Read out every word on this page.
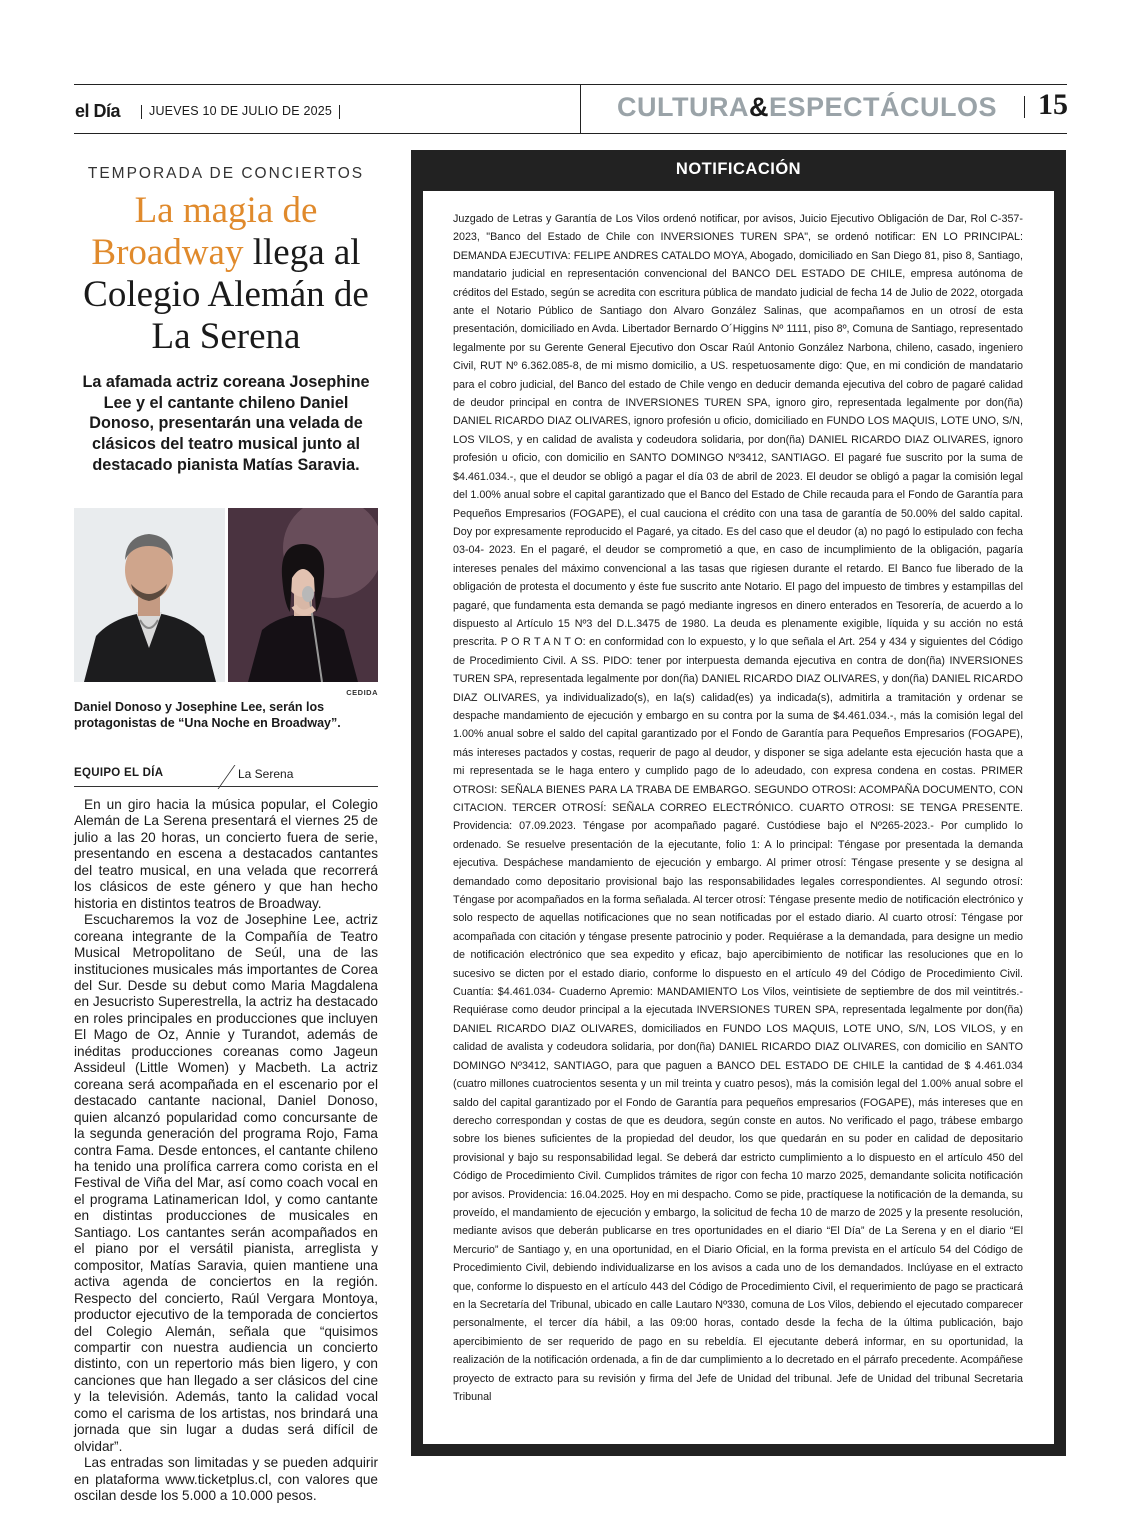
el Día	JUEVES 10 DE JULIO DE 2025	CULTURA&ESPECTÁCULOS 15
TEMPORADA DE CONCIERTOS
La magia de Broadway llega al Colegio Alemán de La Serena
La afamada actriz coreana Josephine Lee y el cantante chileno Daniel Donoso, presentarán una velada de clásicos del teatro musical junto al destacado pianista Matías Saravia.
CEDIDA
Daniel Donoso y Josephine Lee, serán los protagonistas de “Una Noche en Broadway”.
EQUIPO EL DÍA	La Serena

En un giro hacia la música popular, el Colegio Alemán de La Serena presentará el viernes 25 de julio a las 20 horas, un concierto fuera de serie, presentando en escena a destacados cantantes del teatro musical, en una velada que recorrerá los clásicos de este género y que han hecho historia en distintos teatros de Broadway.

Escucharemos la voz de Josephine Lee, actriz coreana integrante de la Compañía de Teatro Musical Metropolitano de Seúl, una de las instituciones musicales más importantes de Corea del Sur. Desde su debut como Maria Magdalena en Jesucristo Superestrella, la actriz ha destacado en roles principales en producciones que incluyen El Mago de Oz, Annie y Turandot, además de inéditas producciones coreanas como Jageun Assideul (Little Women) y Macbeth. La actriz coreana será acompañada en el escenario por el destacado cantante nacional, Daniel Donoso, quien alcanzó popularidad como concursante de la segunda generación del programa Rojo, Fama contra Fama. Desde entonces, el cantante chileno ha tenido una prolífica carrera como corista en el Festival de Viña del Mar, así como coach vocal en el programa Latinamerican Idol, y como cantante en distintas producciones de musicales en Santiago. Los cantantes serán acompañados en el piano por el versátil pianista, arreglista y compositor, Matías Saravia, quien mantiene una activa agenda de conciertos en la región. Respecto del concierto, Raúl Vergara Montoya, productor ejecutivo de la temporada de conciertos del Colegio Alemán, señala que “quisimos compartir con nuestra audiencia un concierto distinto, con un repertorio más bien ligero, y con canciones que han llegado a ser clásicos del cine y la televisión. Además, tanto la calidad vocal como el carisma de los artistas, nos brindará una jornada que sin lugar a dudas será difícil de olvidar”.

Las entradas son limitadas y se pueden adquirir en plataforma www.ticketplus.cl, con valores que oscilan desde los 5.000 a 10.000 pesos.

NOTIFICACIÓN
Juzgado de Letras y Garantía de Los Vilos ordenó notificar, por avisos, Juicio Ejecutivo Obligación de Dar, Rol C-357-2023, "Banco del Estado de Chile con INVERSIONES TUREN SPA", se ordenó notificar: EN LO PRINCIPAL: DEMANDA EJECUTIVA: FELIPE ANDRES CATALDO MOYA, Abogado, domiciliado en San Diego 81, piso 8, Santiago, mandatario judicial en representación convencional del BANCO DEL ESTADO DE CHILE, empresa autónoma de créditos del Estado, según se acredita con escritura pública de mandato judicial de fecha 14 de Julio de 2022, otorgada ante el Notario Público de Santiago don Alvaro González Salinas, que acompañamos en un otrosí de esta presentación, domiciliado en Avda. Libertador Bernardo O´Higgins Nº 1111, piso 8º, Comuna de Santiago, representado legalmente por su Gerente General Ejecutivo don Oscar Raúl Antonio González Narbona, chileno, casado, ingeniero Civil, RUT Nº 6.362.085-8, de mi mismo domicilio, a US. respetuosamente digo: Que, en mi condición de mandatario para el cobro judicial, del Banco del estado de Chile vengo en deducir demanda ejecutiva del cobro de pagaré calidad de deudor principal en contra de INVERSIONES TUREN SPA, ignoro giro, representada legalmente por don(ña) DANIEL RICARDO DIAZ OLIVARES, ignoro profesión u oficio, domiciliado en FUNDO LOS MAQUIS, LOTE UNO, S/N, LOS VILOS, y en calidad de avalista y codeudora solidaria, por don(ña) DANIEL RICARDO DIAZ OLIVARES, ignoro profesión u oficio, con domicilio en SANTO DOMINGO Nº3412, SANTIAGO. El pagaré fue suscrito por la suma de $4.461.034.-, que el deudor se obligó a pagar el día 03 de abril de 2023. El deudor se obligó a pagar la comisión legal del 1.00% anual sobre el capital garantizado que el Banco del Estado de Chile recauda para el Fondo de Garantía para Pequeños Empresarios (FOGAPE), el cual cauciona el crédito con una tasa de garantía de 50.00% del saldo capital. Doy por expresamente reproducido el Pagaré, ya citado. Es del caso que el deudor (a) no pagó lo estipulado con fecha 03-04- 2023. En el pagaré, el deudor se comprometió a que, en caso de incumplimiento de la obligación, pagaría intereses penales del máximo convencional a las tasas que rigiesen durante el retardo. El Banco fue liberado de la obligación de protesta el documento y éste fue suscrito ante Notario. El pago del impuesto de timbres y estampillas del pagaré, que fundamenta esta demanda se pagó mediante ingresos en dinero enterados en Tesorería, de acuerdo a lo dispuesto al Artículo 15 Nº3 del D.L.3475 de 1980. La deuda es plenamente exigible, líquida y su acción no está prescrita. P O R T A N T O: en conformidad con lo expuesto, y lo que señala el Art. 254 y 434 y siguientes del Código de Procedimiento Civil. A SS. PIDO: tener por interpuesta demanda ejecutiva en contra de don(ña) INVERSIONES TUREN SPA, representada legalmente por don(ña) DANIEL RICARDO DIAZ OLIVARES, y don(ña) DANIEL RICARDO DIAZ OLIVARES, ya individualizado(s), en la(s) calidad(es) ya indicada(s), admitirla a tramitación y ordenar se despache mandamiento de ejecución y embargo en su contra por la suma de $4.461.034.-, más la comisión legal del 1.00% anual sobre el saldo del capital garantizado por el Fondo de Garantía para Pequeños Empresarios (FOGAPE), más intereses pactados y costas, requerir de pago al deudor, y disponer se siga adelante esta ejecución hasta que a mi representada se le haga entero y cumplido pago de lo adeudado, con expresa condena en costas. PRIMER OTROSI: SEÑALA BIENES PARA LA TRABA DE EMBARGO. SEGUNDO OTROSI: ACOMPAÑA DOCUMENTO, CON CITACION. TERCER OTROSÍ: SEÑALA CORREO ELECTRÓNICO. CUARTO OTROSI: SE TENGA PRESENTE. Providencia: 07.09.2023. Téngase por acompañado pagaré. Custódiese bajo el Nº265-2023.- Por cumplido lo ordenado. Se resuelve presentación de la ejecutante, folio 1: A lo principal: Téngase por presentada la demanda ejecutiva. Despáchese mandamiento de ejecución y embargo. Al primer otrosí: Téngase presente y se designa al demandado como depositario provisional bajo las responsabilidades legales correspondientes. Al segundo otrosí: Téngase por acompañados en la forma señalada. Al tercer otrosí: Téngase presente medio de notificación electrónico y solo respecto de aquellas notificaciones que no sean notificadas por el estado diario. Al cuarto otrosí: Téngase por acompañada con citación y téngase presente patrocinio y poder. Requiérase a la demandada, para designe un medio de notificación electrónico que sea expedito y eficaz, bajo apercibimiento de notificar las resoluciones que en lo sucesivo se dicten por el estado diario, conforme lo dispuesto en el artículo 49 del Código de Procedimiento Civil. Cuantía: $4.461.034- Cuaderno Apremio: MANDAMIENTO Los Vilos, veintisiete de septiembre de dos mil veintitrés.- Requiérase como deudor principal a la ejecutada INVERSIONES TUREN SPA, representada legalmente por don(ña) DANIEL RICARDO DIAZ OLIVARES, domiciliados en FUNDO LOS MAQUIS, LOTE UNO, S/N, LOS VILOS, y en calidad de avalista y codeudora solidaria, por don(ña) DANIEL RICARDO DIAZ OLIVARES, con domicilio en SANTO DOMINGO Nº3412, SANTIAGO, para que paguen a BANCO DEL ESTADO DE CHILE la cantidad de $ 4.461.034 (cuatro millones cuatrocientos sesenta y un mil treinta y cuatro pesos), más la comisión legal del 1.00% anual sobre el saldo del capital garantizado por el Fondo de Garantía para pequeños empresarios (FOGAPE), más intereses que en derecho correspondan y costas de que es deudora, según conste en autos. No verificado el pago, trábese embargo sobre los bienes suficientes de la propiedad del deudor, los que quedarán en su poder en calidad de depositario provisional y bajo su responsabilidad legal. Se deberá dar estricto cumplimiento a lo dispuesto en el artículo 450 del Código de Procedimiento Civil. Cumplidos trámites de rigor con fecha 10 marzo 2025, demandante solicita notificación por avisos. Providencia: 16.04.2025. Hoy en mi despacho. Como se pide, practíquese la notificación de la demanda, su proveído, el mandamiento de ejecución y embargo, la solicitud de fecha 10 de marzo de 2025 y la presente resolución, mediante avisos que deberán publicarse en tres oportunidades en el diario “El Día” de La Serena y en el diario “El Mercurio” de Santiago y, en una oportunidad, en el Diario Oficial, en la forma prevista en el artículo 54 del Código de Procedimiento Civil, debiendo individualizarse en los avisos a cada uno de los demandados. Inclúyase en el extracto que, conforme lo dispuesto en el artículo 443 del Código de Procedimiento Civil, el requerimiento de pago se practicará en la Secretaría del Tribunal, ubicado en calle Lautaro Nº330, comuna de Los Vilos, debiendo el ejecutado comparecer personalmente, el tercer día hábil, a las 09:00 horas, contado desde la fecha de la última publicación, bajo apercibimiento de ser requerido de pago en su rebeldía. El ejecutante deberá informar, en su oportunidad, la realización de la notificación ordenada, a fin de dar cumplimiento a lo decretado en el párrafo precedente. Acompáñese proyecto de extracto para su revisión y firma del Jefe de Unidad del tribunal. Jefe de Unidad del tribunal Secretaria Tribunal
